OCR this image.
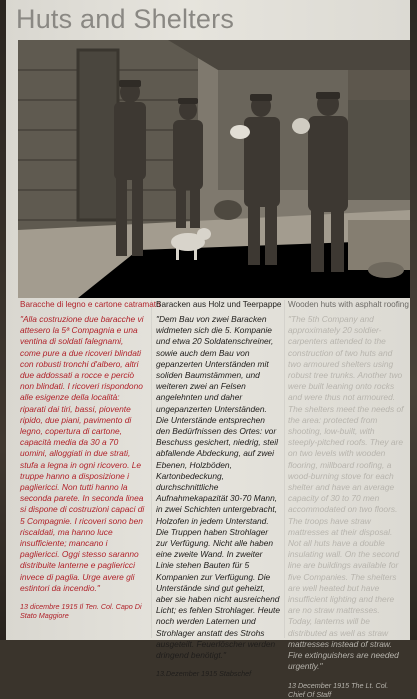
Huts and Shelters
Baracche di legno e cartone catramato
"Alla costruzione due baracche vi attesero la 5ª Compagnia e una ventina di soldati falegnami, come pure a due ricoveri blindati con robusti tronchi d'albero, altri due addossati a rocce e perciò non blindati. I ricoveri rispondono alle esigenze della località: riparati dai tiri, bassi, piovente ripido, due piani, pavimento di legno, copertura di cartone, capacità media da 30 a 70 uomini, alloggiati in due strati, stufa a legna in ogni ricovero. Le truppe hanno a disposizione i pagliericci. Non tutti hanno la seconda parete. In seconda linea si dispone di costruzioni capaci di 5 Compagnie. I ricoveri sono ben riscaldati, ma hanno luce insufficiente; mancano i pagliericci. Oggi stesso saranno distribuite lanterne e pagliericci invece di paglia. Urge avere gli estintori da incendio."
13 dicembre 1915 Il Ten. Col. Capo Di Stato Maggiore
Baracken aus Holz und Teerpappe
"Dem Bau von zwei Baracken widmeten sich die 5. Kompanie und etwa 20 Soldatenschreiner, sowie auch dem Bau von gepanzerten Unterständen mit soliden Baumstämmen, und weiteren zwei an Felsen angelehnten und daher ungepanzerten Unterständen. Die Unterstände entsprechen den Bedürfnissen des Ortes: vor Beschuss gesichert, niedrig, steil abfallende Abdeckung, auf zwei Ebenen, Holzböden, Kartonbedeckung, durchschnittliche Aufnahmekapazität 30-70 Mann, in zwei Schichten untergebracht, Holzofen in jedem Unterstand. Die Truppen haben Strohlager zur Verfügung. Nicht alle haben eine zweite Wand. In zweiter Linie stehen Bauten für 5 Kompanien zur Verfügung. Die Unterstände sind gut geheizt, aber sie haben nicht ausreichend Licht; es fehlen Strohlager. Heute noch werden Laternen und Strohlager anstatt des Strohs ausgeteilt. Feuerlöscher werden dringend benötigt."
13.Dezember 1915 Stabschef
Wooden huts with asphalt roofing
"The 5th Company and approximately 20 soldier-carpenters attended to the construction of two huts and two armoured shelters using robust tree trunks. Another two were built leaning onto rocks and were thus not armoured. The shelters meet the needs of the area: protected from shooting, low-built, with steeply-pitched roofs. They are on two levels with wooden flooring, millboard roofing, a wood-burning stove for each shelter and have an average capacity of 30 to 70 men accommodated on two floors. The troops have straw mattresses at their disposal. Not all huts have a double insulating wall. On the second line are buildings available for five Companies. The shelters are well heated but have insufficient lighting and there are no straw mattresses. Today, lanterns will be distributed as well as straw mattresses instead of straw. Fire extinguishers are needed urgently."
13 December 1915 The Lt. Col. Chief Of Staff
